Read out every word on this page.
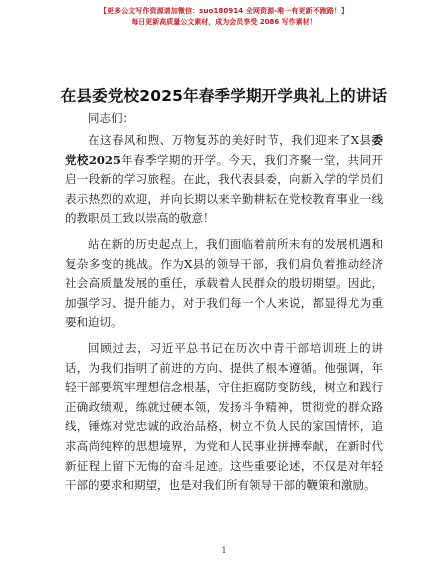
【更多公文写作资源请加微信：suo180914 全网资源-唯一有更新不跑路！】
每日更新高质量公文素材，成为会员享受 2086 写作素材！
在县委党校2025年春季学期开学典礼上的讲话
同志们：

在这春风和煦、万物复苏的美好时节，我们迎来了X县委党校2025年春季学期的开学。今天，我们齐聚一堂，共同开启一段新的学习旅程。在此，我代表县委，向新入学的学员们表示热烈的欢迎，并向长期以来辛勤耕耘在党校教育事业一线的教职员工致以崇高的敬意！

站在新的历史起点上，我们面临着前所未有的发展机遇和复杂多变的挑战。作为X县的领导干部，我们肩负着推动经济社会高质量发展的重任，承载着人民群众的殷切期望。因此，加强学习、提升能力，对于我们每一个人来说，都显得尤为重要和迫切。

回顾过去，习近平总书记在历次中青干部培训班上的讲话，为我们指明了前进的方向、提供了根本遵循。他强调，年轻干部要筑牢理想信念根基，守住拒腐防变防线，树立和践行正确政绩观，练就过硬本领，发扬斗争精神，贯彻党的群众路线，锤炼对党忠诚的政治品格，树立不负人民的家国情怀，追求高尚纯粹的思想境界，为党和人民事业拼搏奉献，在新时代新征程上留下无悔的奋斗足迹。这些重要论述，不仅是对年轻干部的要求和期望，也是对我们所有领导干部的鞭策和激励。

1
